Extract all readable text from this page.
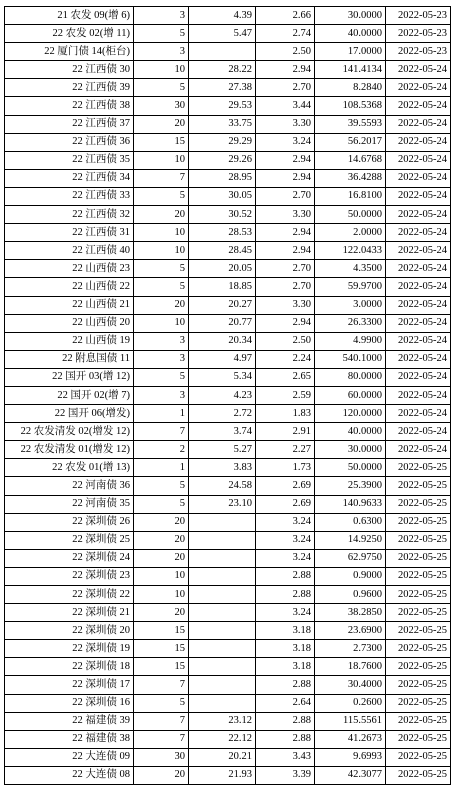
21 农发 09(增 6)	3	4.39	2.66	30.0000	2022-05-23
22 农发 02(增 11)	5	5.47	2.74	40.0000	2022-05-23
22 厦门债 14(柜台)	3		2.50	17.0000	2022-05-23
22 江西债 30	10	28.22	2.94	141.4134	2022-05-24
22 江西债 39	5	27.38	2.70	8.2840	2022-05-24
22 江西债 38	30	29.53	3.44	108.5368	2022-05-24
22 江西债 37	20	33.75	3.30	39.5593	2022-05-24
22 江西债 36	15	29.29	3.24	56.2017	2022-05-24
22 江西债 35	10	29.26	2.94	14.6768	2022-05-24
22 江西债 34	7	28.95	2.94	36.4288	2022-05-24
22 江西债 33	5	30.05	2.70	16.8100	2022-05-24
22 江西债 32	20	30.52	3.30	50.0000	2022-05-24
22 江西债 31	10	28.53	2.94	2.0000	2022-05-24
22 江西债 40	10	28.45	2.94	122.0433	2022-05-24
22 山西债 23	5	20.05	2.70	4.3500	2022-05-24
22 山西债 22	5	18.85	2.70	59.9700	2022-05-24
22 山西债 21	20	20.27	3.30	3.0000	2022-05-24
22 山西债 20	10	20.77	2.94	26.3300	2022-05-24
22 山西债 19	3	20.34	2.50	4.9900	2022-05-24
22 附息国债 11	3	4.97	2.24	540.1000	2022-05-24
22 国开 03(增 12)	5	5.34	2.65	80.0000	2022-05-24
22 国开 02(增 7)	3	4.23	2.59	60.0000	2022-05-24
22 国开 06(增发)	1	2.72	1.83	120.0000	2022-05-24
22 农发清发 02(增发 12)	7	3.74	2.91	40.0000	2022-05-24
22 农发清发 01(增发 12)	2	5.27	2.27	30.0000	2022-05-24
22 农发 01(增 13)	1	3.83	1.73	50.0000	2022-05-25
22 河南债 36	5	24.58	2.69	25.3900	2022-05-25
22 河南债 35	5	23.10	2.69	140.9633	2022-05-25
22 深圳债 26	20		3.24	0.6300	2022-05-25
22 深圳债 25	20		3.24	14.9250	2022-05-25
22 深圳债 24	20		3.24	62.9750	2022-05-25
22 深圳债 23	10		2.88	0.9000	2022-05-25
22 深圳债 22	10		2.88	0.9600	2022-05-25
22 深圳债 21	20		3.24	38.2850	2022-05-25
22 深圳债 20	15		3.18	23.6900	2022-05-25
22 深圳债 19	15		3.18	2.7300	2022-05-25
22 深圳债 18	15		3.18	18.7600	2022-05-25
22 深圳债 17	7		2.88	30.4000	2022-05-25
22 深圳债 16	5		2.64	0.2600	2022-05-25
22 福建债 39	7	23.12	2.88	115.5561	2022-05-25
22 福建债 38	7	22.12	2.88	41.2673	2022-05-25
22 大连债 09	30	20.21	3.43	9.6993	2022-05-25
22 大连债 08	20	21.93	3.39	42.3077	2022-05-25
